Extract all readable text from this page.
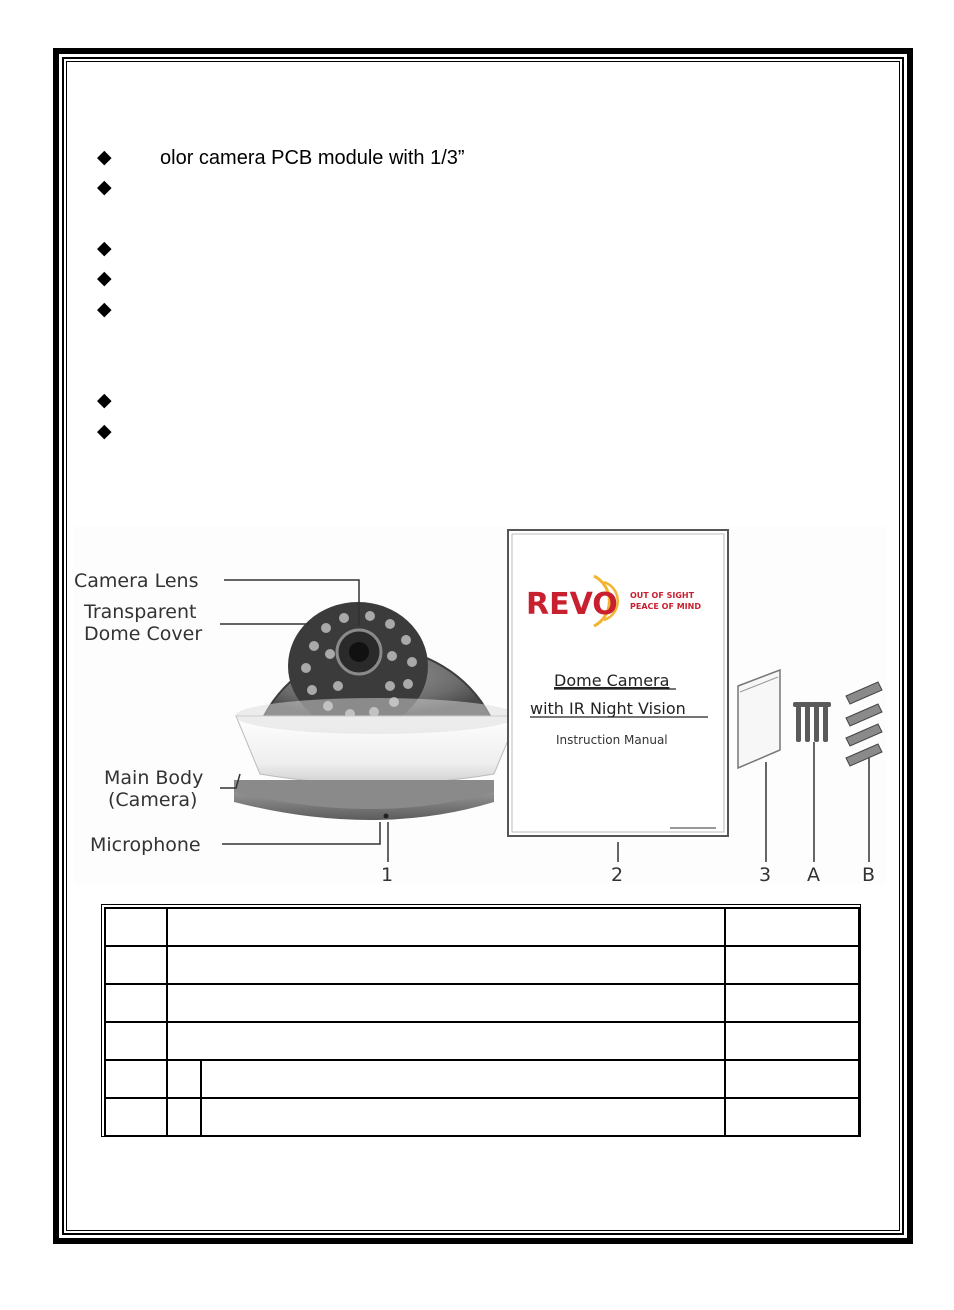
◆ olor camera PCB module with 1/3”
◆
◆
◆
◆
◆
◆
Camera Lens
Transparent
Dome Cover
Main Body
(Camera)
Microphone
REVO OUT OF SIGHT
PEACE OF MIND
Dome Camera
with IR Night Vision
Instruction Manual
1	2	3 A B
